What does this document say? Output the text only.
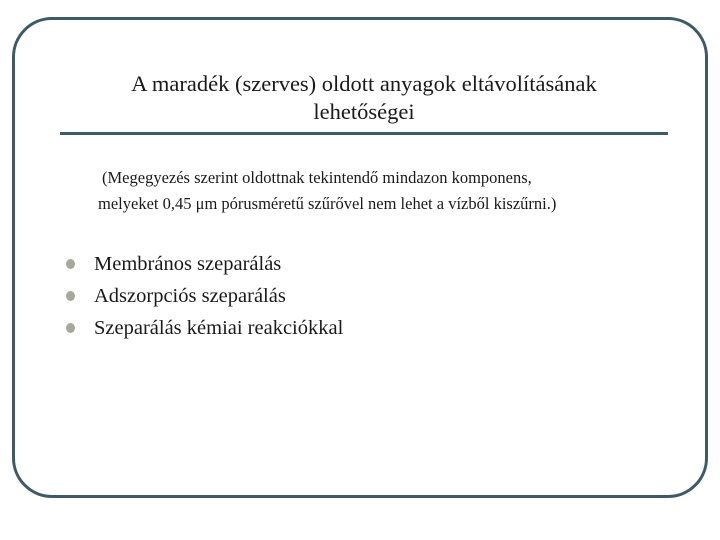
A maradék (szerves) oldott anyagok eltávolításának
lehetőségei
(Megegyezés szerint oldottnak tekintendő mindazon komponens,
melyeket 0,45 μm pórusméretű szűrővel nem lehet a vízből kiszűrni.)
Membrános szeparálás
Adszorpciós szeparálás
Szeparálás kémiai reakciókkal
